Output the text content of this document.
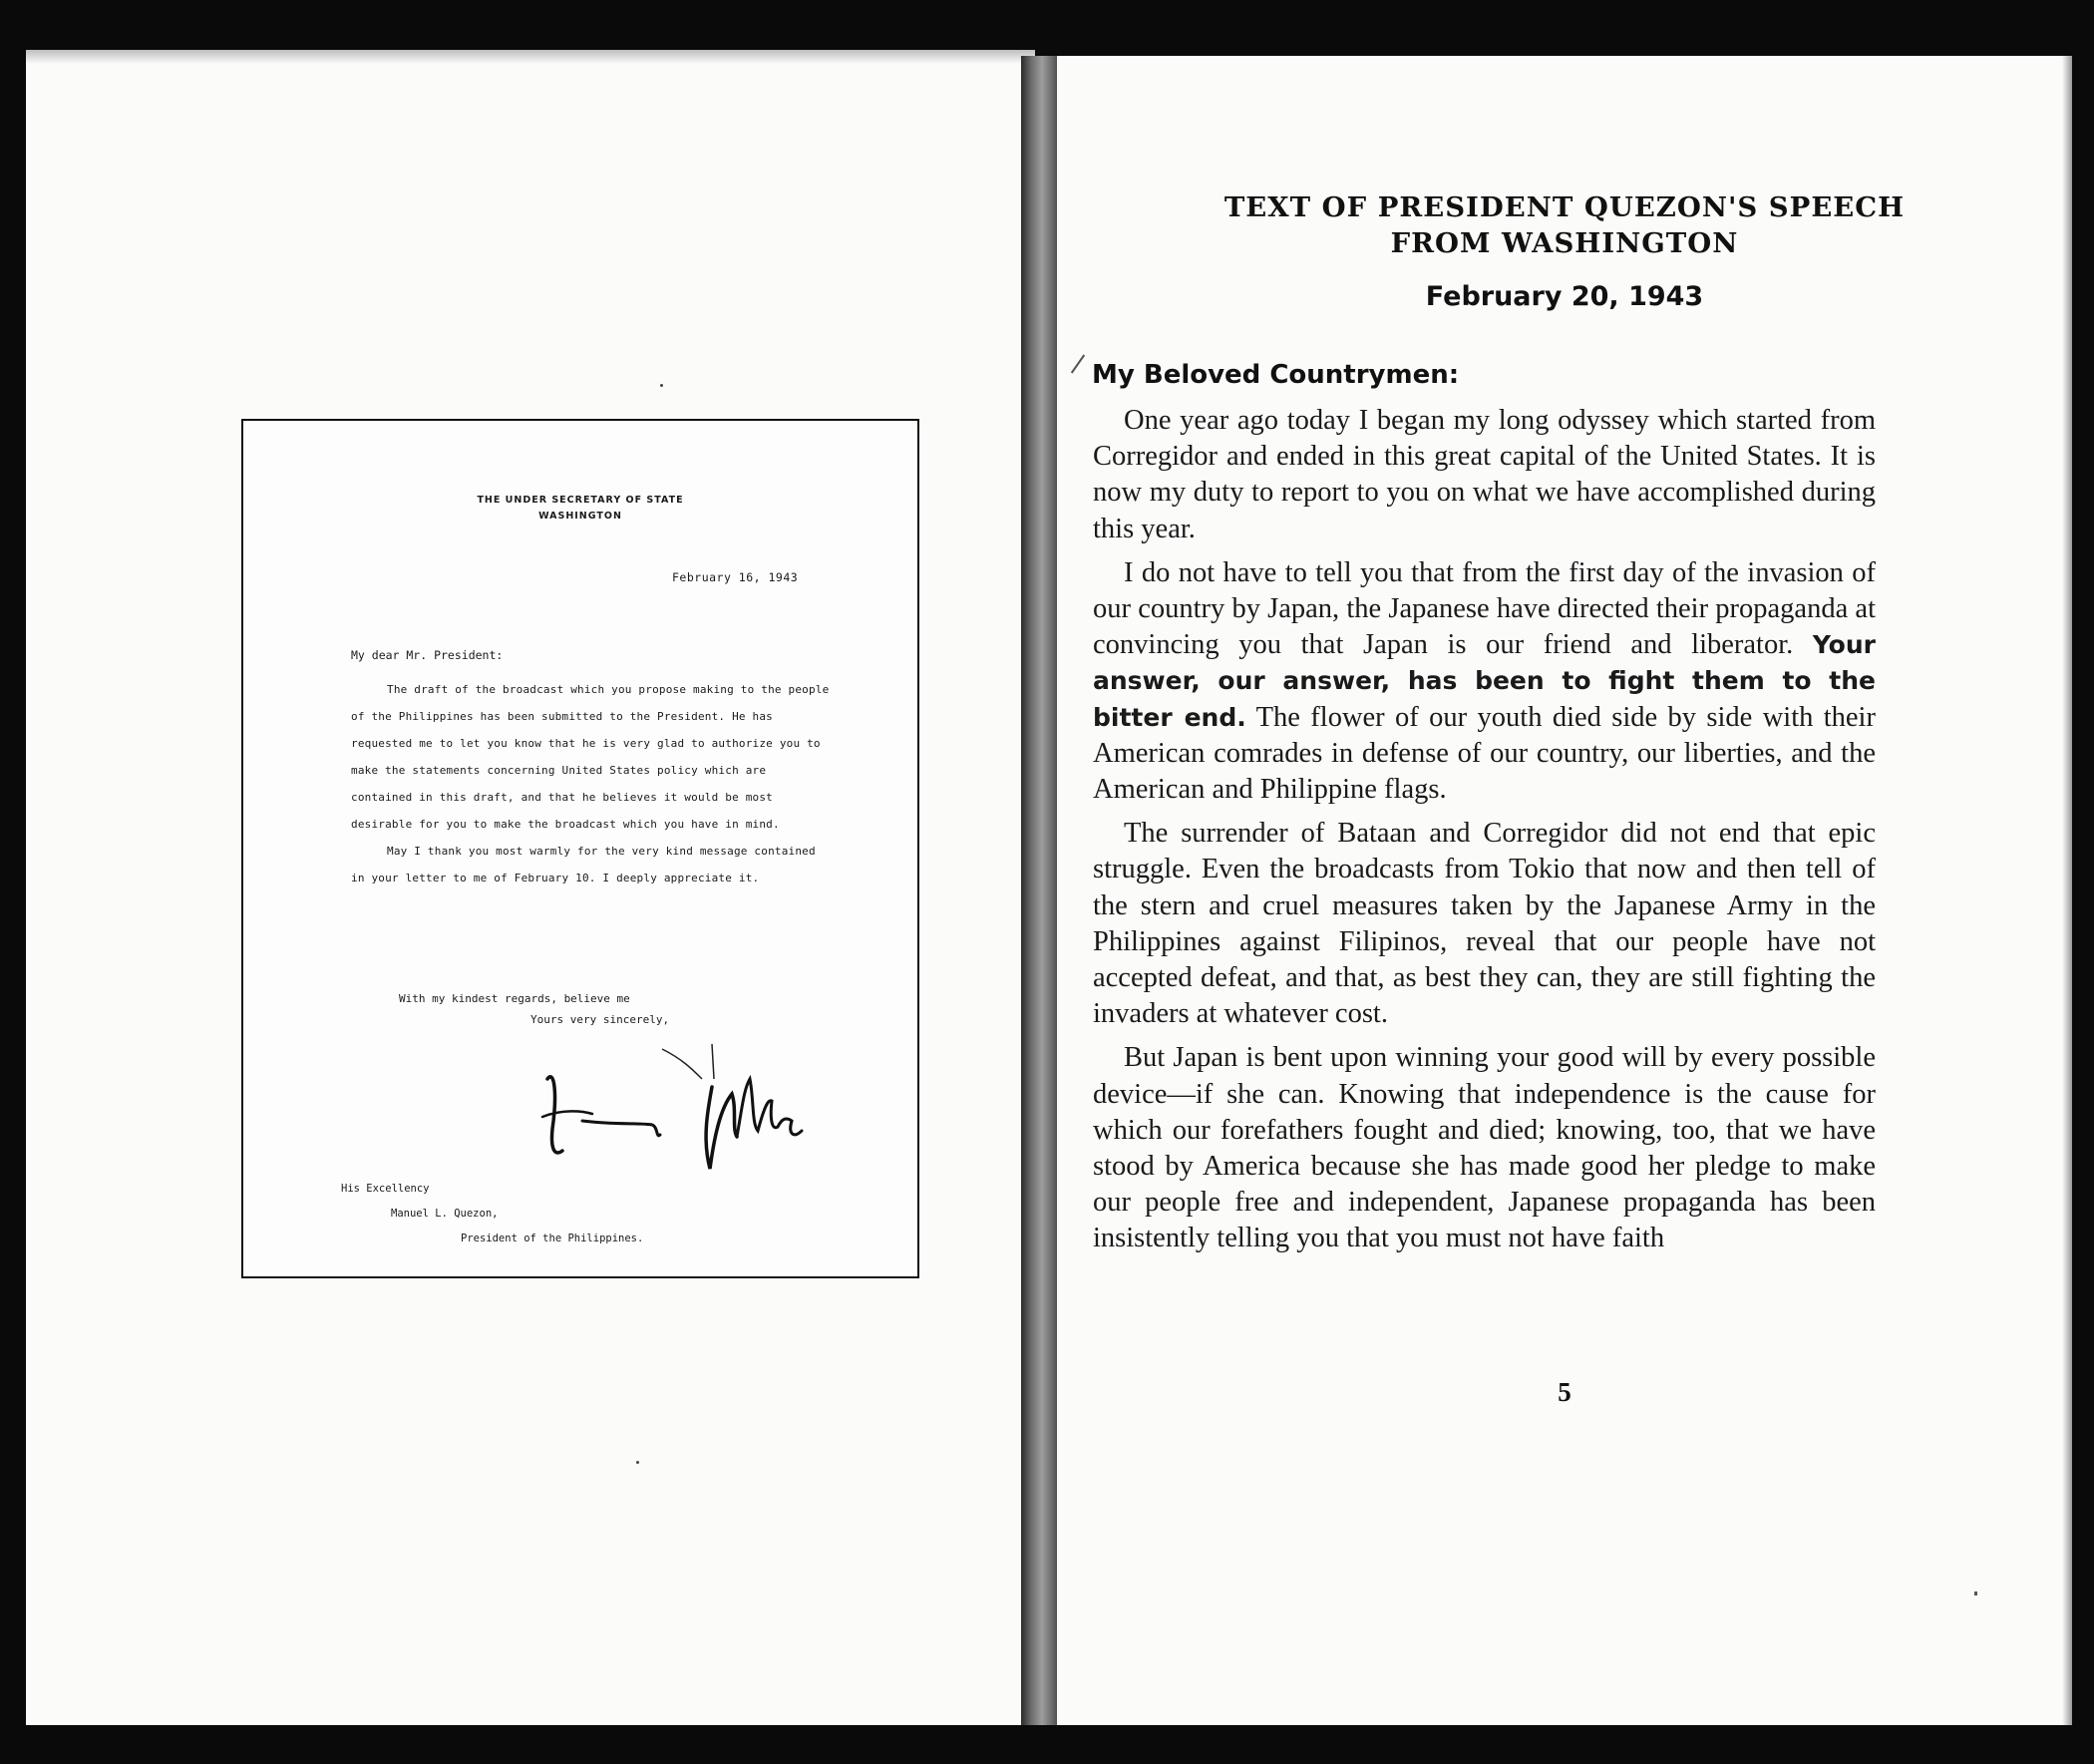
THE UNDER SECRETARY OF STATE
WASHINGTON
February 16, 1943
My dear Mr. President:

The draft of the broadcast which you propose making to the people of the Philippines has been submitted to the President. He has requested me to let you know that he is very glad to authorize you to make the statements concerning United States policy which are contained in this draft, and that he believes it would be most desirable for you to make the broadcast which you have in mind.

May I thank you most warmly for the very kind message contained in your letter to me of February 10. I deeply appreciate it.

With my kindest regards, believe me
Yours very sincerely,
His Excellency
Manuel L. Quezon,
President of the Philippines.
TEXT OF PRESIDENT QUEZON'S SPEECH
FROM WASHINGTON
February 20, 1943
My Beloved Countrymen:

One year ago today I began my long odyssey which started from Corregidor and ended in this great capital of the United States. It is now my duty to report to you on what we have accomplished during this year.

I do not have to tell you that from the first day of the invasion of our country by Japan, the Japanese have directed their propaganda at convincing you that Japan is our friend and liberator. Your answer, our answer, has been to fight them to the bitter end. The flower of our youth died side by side with their American comrades in defense of our country, our liberties, and the American and Philippine flags.

The surrender of Bataan and Corregidor did not end that epic struggle. Even the broadcasts from Tokio that now and then tell of the stern and cruel measures taken by the Japanese Army in the Philippines against Filipinos, reveal that our people have not accepted defeat, and that, as best they can, they are still fighting the invaders at whatever cost.

But Japan is bent upon winning your good will by every possible device—if she can. Knowing that independence is the cause for which our forefathers fought and died; knowing, too, that we have stood by America because she has made good her pledge to make our people free and independent, Japanese propaganda has been insistently telling you that you must not have faith

5
